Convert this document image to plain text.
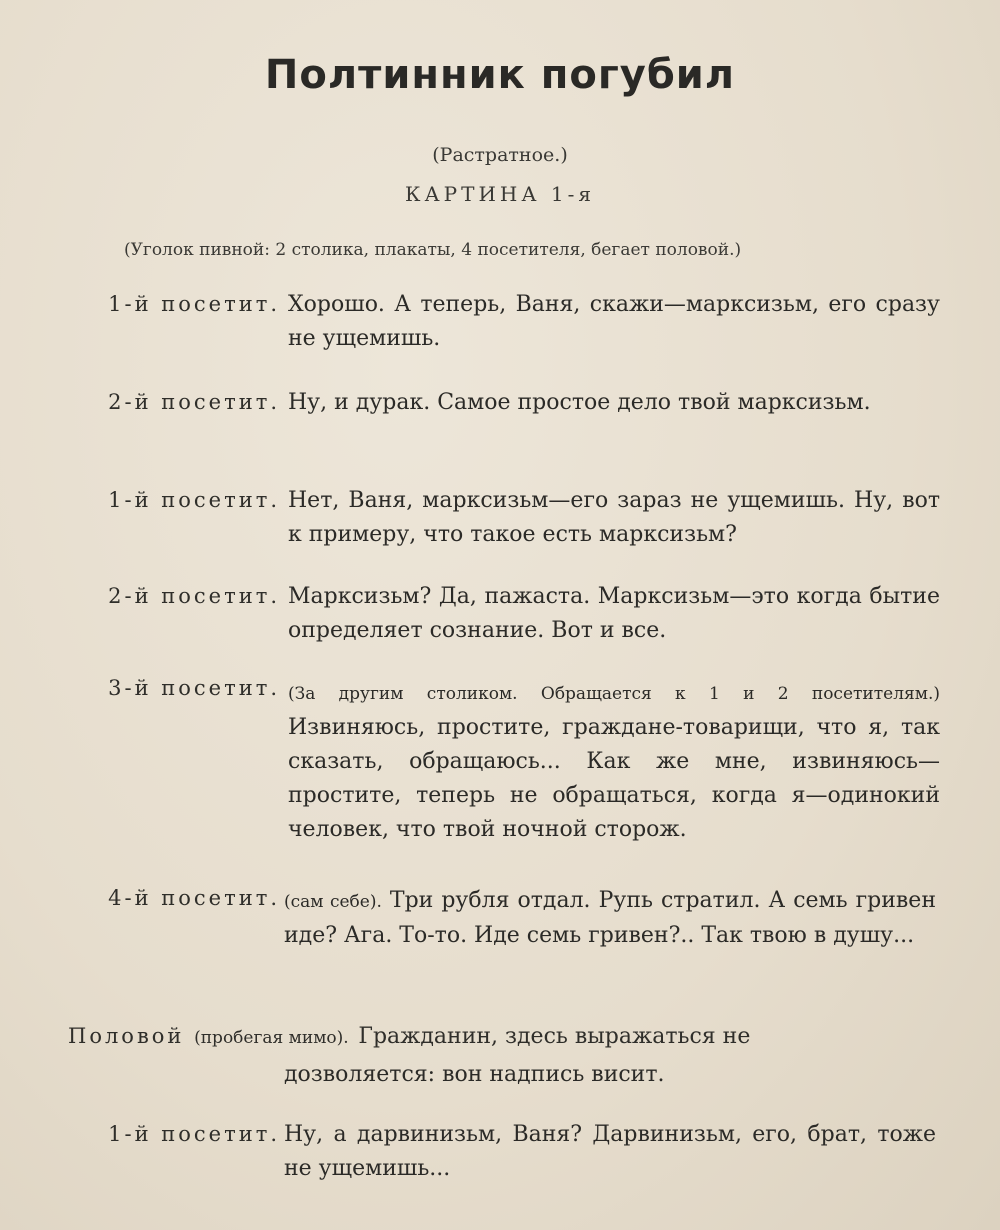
Полтинник погубил
(Растратное.)
КАРТИНА 1-я
(Уголок пивной: 2 столика, плакаты, 4 посетителя, бегает половой.)
1-й посетит. Хорошо. А теперь, Ваня, скажи—марксизьм, его сразу не ущемишь.
2-й посетит. Ну, и дурак. Самое простое дело твой марксизьм.
1-й посетит. Нет, Ваня, марксизьм—его зараз не ущемишь. Ну, вот к примеру, что такое есть марксизьм?
2-й посетит. Марксизьм? Да, пажаста. Марксизьм—это когда бытие определяет сознание. Вот и все.
3-й посетит. (За другим столиком. Обращается к 1 и 2 посетителям.) Извиняюсь, простите, граждане-товарищи, что я, так сказать, обращаюсь... Как же мне, извиняюсь—простите, теперь не обращаться, когда я—одинокий человек, что твой ночной сторож.
4-й посетит. (сам себе). Три рубля отдал. Рупь стратил. А семь гривен иде? Ага. То-то. Иде семь гривен?.. Так твою в душу...
Половой (пробегая мимо). Гражданин, здесь выражаться не
дозволяется: вон надпись висит.
1-й посетит. Ну, а дарвинизьм, Ваня? Дарвинизьм, его, брат, тоже не ущемишь...
